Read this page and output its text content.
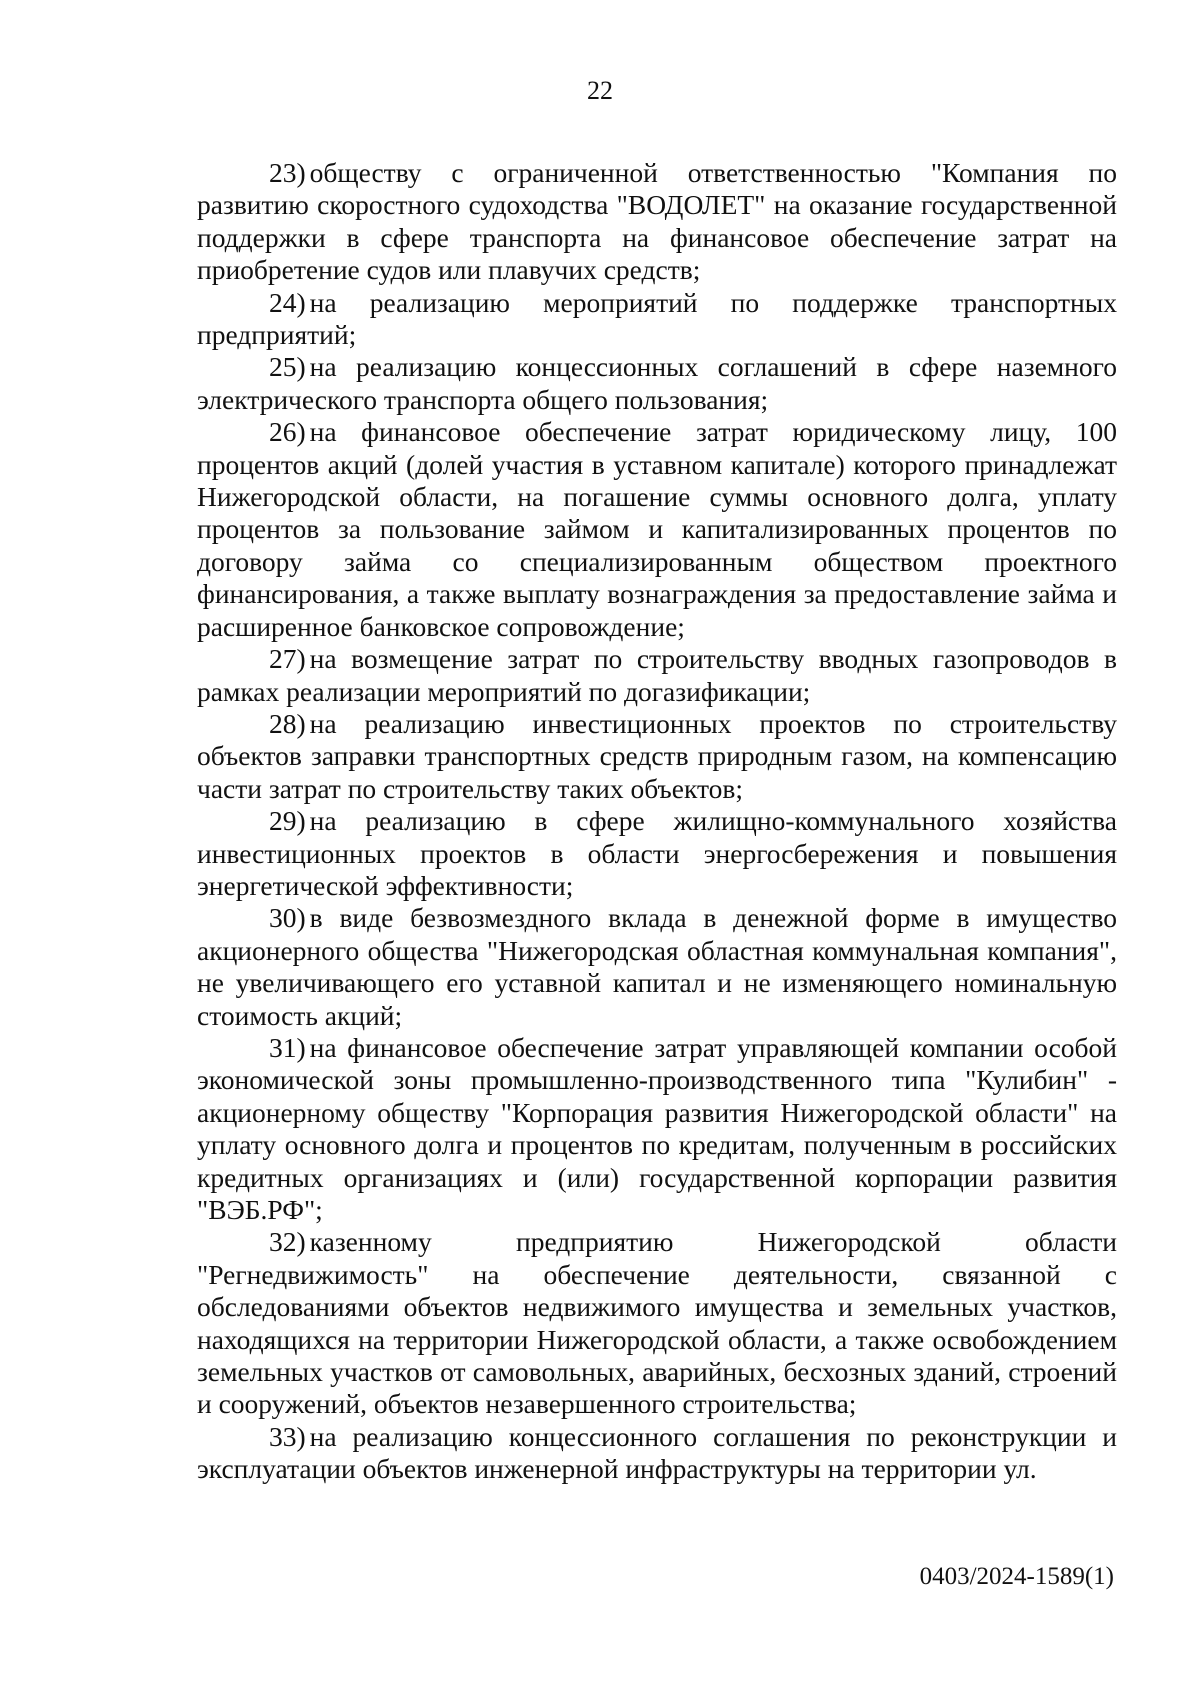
22

23) обществу с ограниченной ответственностью "Компания по развитию скоростного судоходства "ВОДОЛЕТ" на оказание государственной поддержки в сфере транспорта на финансовое обеспечение затрат на приобретение судов или плавучих средств;

24) на реализацию мероприятий по поддержке транспортных предприятий;

25) на реализацию концессионных соглашений в сфере наземного электрического транспорта общего пользования;

26) на финансовое обеспечение затрат юридическому лицу, 100 процентов акций (долей участия в уставном капитале) которого принадлежат Нижегородской области, на погашение суммы основного долга, уплату процентов за пользование займом и капитализированных процентов по договору займа со специализированным обществом проектного финансирования, а также выплату вознаграждения за предоставление займа и расширенное банковское сопровождение;

27) на возмещение затрат по строительству вводных газопроводов в рамках реализации мероприятий по догазификации;

28) на реализацию инвестиционных проектов по строительству объектов заправки транспортных средств природным газом, на компенсацию части затрат по строительству таких объектов;

29) на реализацию в сфере жилищно-коммунального хозяйства инвестиционных проектов в области энергосбережения и повышения энергетической эффективности;

30) в виде безвозмездного вклада в денежной форме в имущество акционерного общества "Нижегородская областная коммунальная компания", не увеличивающего его уставной капитал и не изменяющего номинальную стоимость акций;

31) на финансовое обеспечение затрат управляющей компании особой экономической зоны промышленно-производственного типа "Кулибин" - акционерному обществу "Корпорация развития Нижегородской области" на уплату основного долга и процентов по кредитам, полученным в российских кредитных организациях и (или) государственной корпорации развития "ВЭБ.РФ";

32) казенному предприятию Нижегородской области "Регнедвижимость" на обеспечение деятельности, связанной с обследованиями объектов недвижимого имущества и земельных участков, находящихся на территории Нижегородской области, а также освобождением земельных участков от самовольных, аварийных, бесхозных зданий, строений и сооружений, объектов незавершенного строительства;

33) на реализацию концессионного соглашения по реконструкции и эксплуатации объектов инженерной инфраструктуры на территории ул.

0403/2024-1589(1)
